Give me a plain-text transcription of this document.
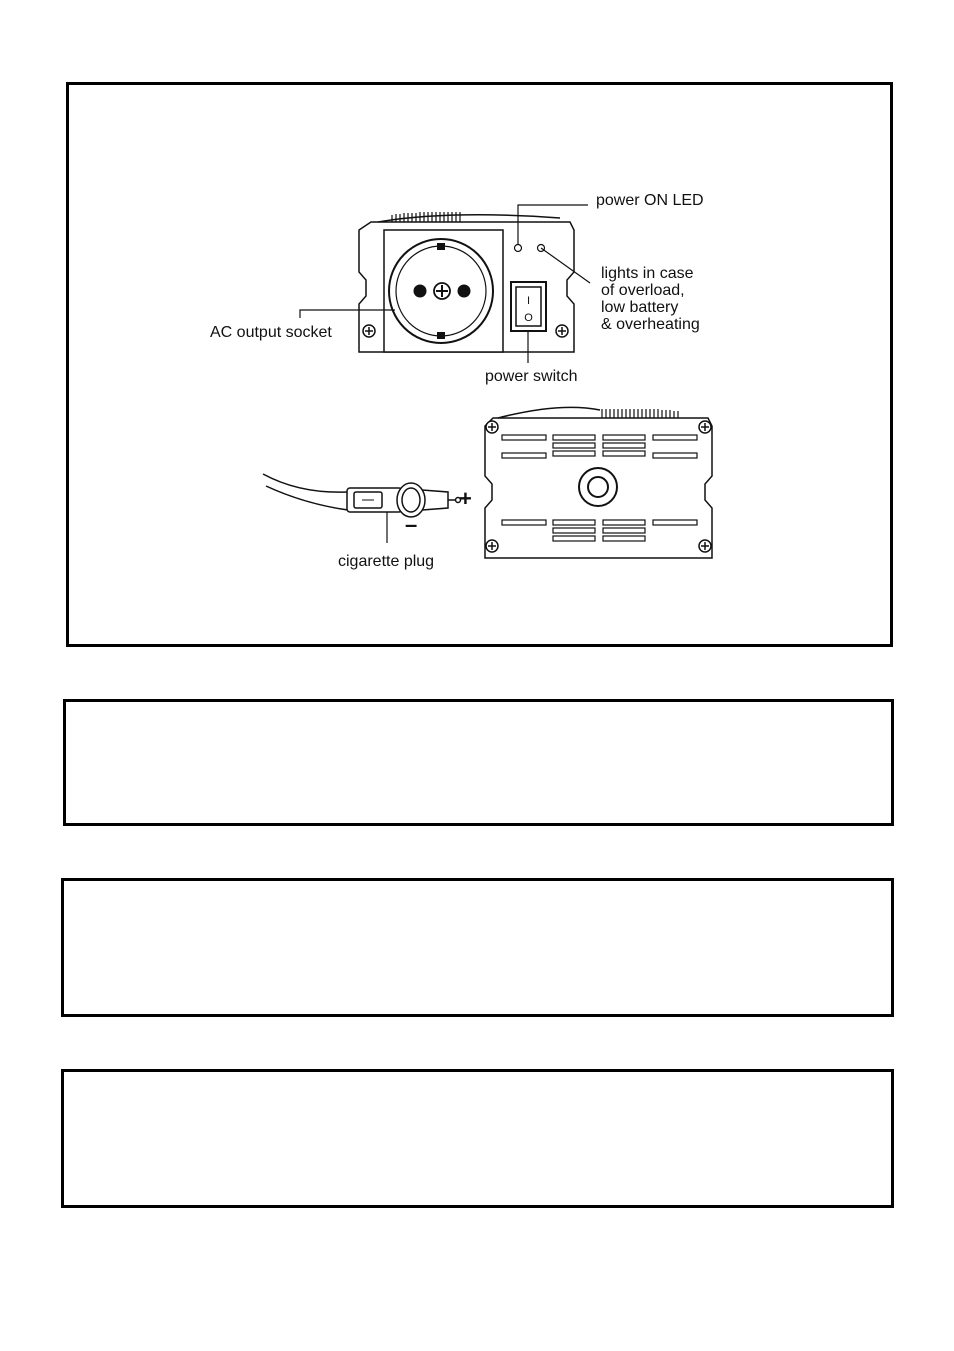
I
O
power ON LED
lights in case
of overload,
low battery
& overheating
AC output socket
power switch
cigarette plug
+
–
